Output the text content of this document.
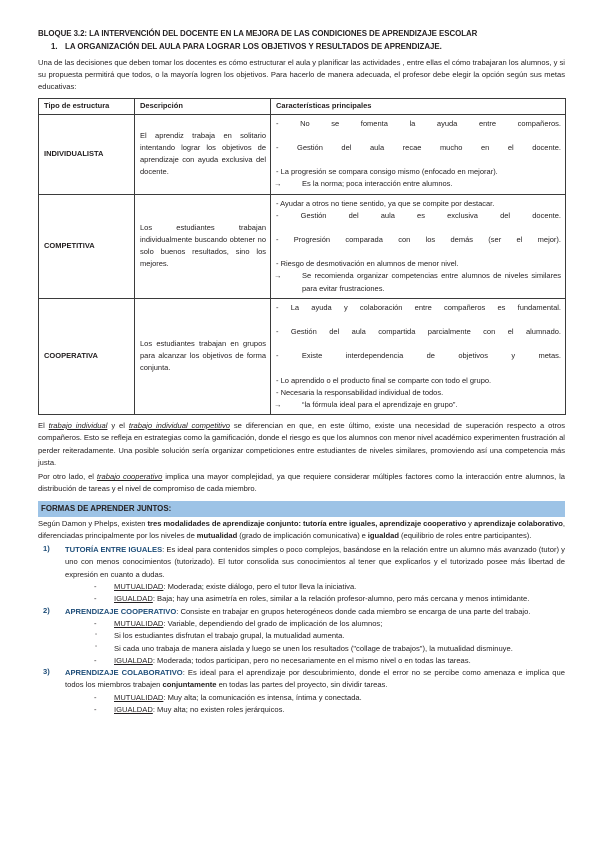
BLOQUE 3.2: LA INTERVENCIÓN DEL DOCENTE EN LA MEJORA DE LAS CONDICIONES DE APRENDIZAJE ESCOLAR
1. LA ORGANIZACIÓN DEL AULA PARA LOGRAR LOS OBJETIVOS Y RESULTADOS DE APRENDIZAJE.

Una de las decisiones que deben tomar los docentes es cómo estructurar el aula y planificar las actividades , entre ellas el cómo trabajaran los alumnos, y si su propuesta permitirá que todos, o la mayoría logren los objetivos. Para hacerlo de manera adecuada, el profesor debe elegir la opción según sus metas educativas:

Tipo de estructura	Descripción	Características principales
INDIVIDUALISTA	El aprendiz trabaja en solitario intentando lograr los objetivos de aprendizaje con ayuda exclusiva del docente.	- No se fomenta la ayuda entre compañeros.
- Gestión del aula recae mucho en el docente.
- La progresión se compara consigo mismo (enfocado en mejorar).
→ Es la norma; poca interacción entre alumnos.

COMPETITIVA	Los estudiantes trabajan individualmente buscando obtener no solo buenos resultados, sino los mejores.	- Ayudar a otros no tiene sentido, ya que se compite por destacar.
- Gestión del aula es exclusiva del docente.
- Progresión comparada con los demás (ser el mejor).
- Riesgo de desmotivación en alumnos de menor nivel.
→ Se recomienda organizar competencias entre alumnos de niveles similares para evitar frustraciones.

COOPERATIVA	Los estudiantes trabajan en grupos para alcanzar los objetivos de forma conjunta.	
- La ayuda y colaboración entre compañeros es fundamental.
- Gestión del aula compartida parcialmente con el alumnado.
- Existe interdependencia de objetivos y metas.
- Lo aprendido o el producto final se comparte con todo el grupo.
- Necesaria la responsabilidad individual de todos.
→	“la fórmula ideal para el aprendizaje en grupo”.

El trabajo individual y el trabajo individual competitivo se diferencian en que, en este último, existe una necesidad de superación respecto a otros compañeros. Esto se refleja en estrategias como la gamificación, donde el riesgo es que los alumnos con menor nivel académico experimenten frustración al perder reiteradamente. Una posible solución sería organizar competiciones entre estudiantes de niveles similares, promoviendo así una competencia más justa.

Por otro lado, el trabajo cooperativo implica una mayor complejidad, ya que requiere considerar múltiples factores como la interacción entre alumnos, la distribución de tareas y el nivel de compromiso de cada miembro.

FORMAS DE APRENDER JUNTOS:

Según Damon y Phelps, existen tres modalidades de aprendizaje conjunto: tutoría entre iguales, aprendizaje cooperativo y aprendizaje colaborativo, diferenciadas principalmente por los niveles de mutualidad (grado de implicación comunicativa) e igualdad (equilibrio de roles entre participantes).

1) TUTORÍA ENTRE IGUALES: Es ideal para contenidos simples o poco complejos, basándose en la relación entre un alumno más avanzado (tutor) y uno con menos conocimientos (tutorizado). El tutor consolida sus conocimientos al tener que explicarlos y el tutorizado posee más libertad de expresión en cuanto a dudas.

- MUTUALIDAD: Moderada; existe diálogo, pero el tutor lleva la iniciativa.
- IGUALDAD: Baja; hay una asimetría en roles, similar a la relación profesor-alumno, pero más cercana y menos intimidante.
2) APRENDIZAJE COOPERATIVO: Consiste en trabajar en grupos heterogéneos donde cada miembro se encarga de una parte del trabajo.

- MUTUALIDAD: Variable, dependiendo del grado de implicación de los alumnos;
◦ Si los estudiantes disfrutan el trabajo grupal, la mutualidad aumenta.
◦ Si cada uno trabaja de manera aislada y luego se unen los resultados ("collage de trabajos"), la mutualidad disminuye.
- IGUALDAD: Moderada; todos participan, pero no necesariamente en el mismo nivel o en todas las tareas.
3) APRENDIZAJE COLABORATIVO: Es ideal para el aprendizaje por descubrimiento, donde el error no se percibe como amenaza e implica que todos los miembros trabajen conjuntamente en todas las partes del proyecto, sin dividir tareas.

- MUTUALIDAD: Muy alta; la comunicación es intensa, íntima y conectada.
- IGUALDAD: Muy alta; no existen roles jerárquicos.
